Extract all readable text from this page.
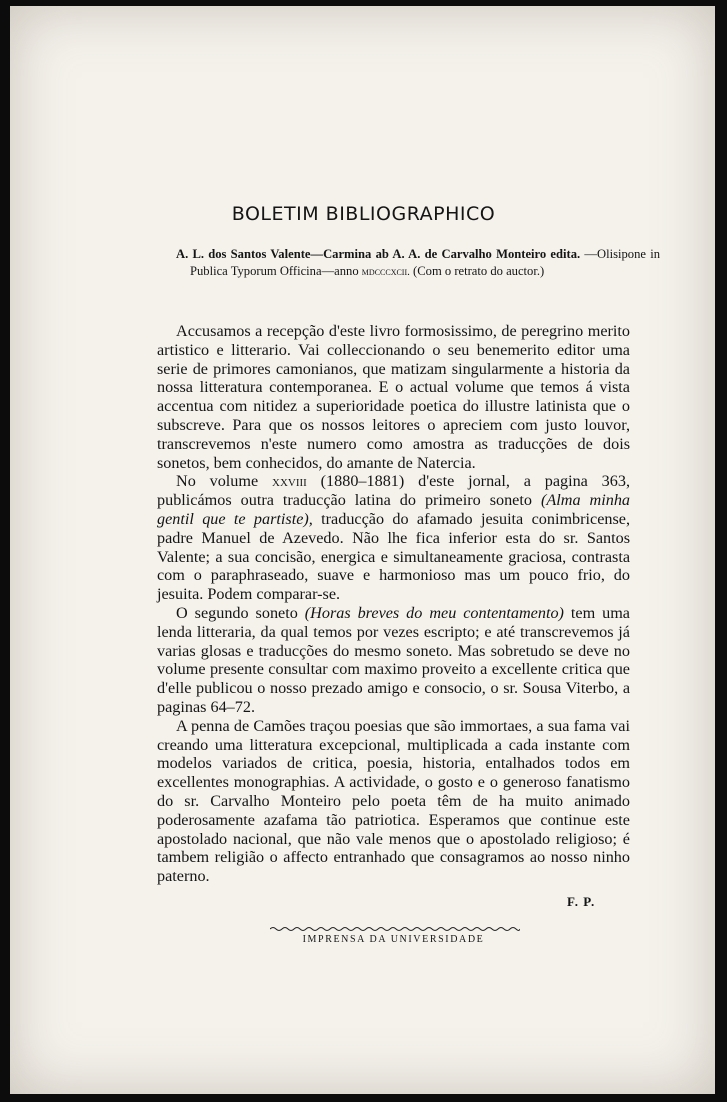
BOLETIM BIBLIOGRAPHICO
A. L. dos Santos Valente—Carmina ab A. A. de Carvalho Monteiro edita. —Olisipone in Publica Typorum Officina—anno mdcccxcii. (Com o retrato do auctor.)

Accusamos a recepção d'este livro formosissimo, de peregrino merito artistico e litterario. Vai colleccionando o seu benemerito editor uma serie de primores camonianos, que matizam singularmente a historia da nossa litteratura contemporanea. E o actual volume que temos á vista accentua com nitidez a superioridade poetica do illustre latinista que o subscreve. Para que os nossos leitores o apreciem com justo louvor, transcrevemos n'este numero como amostra as traducções de dois sonetos, bem conhecidos, do amante de Natercia.

No volume xxviii (1880–1881) d'este jornal, a pagina 363, publicámos outra traducção latina do primeiro soneto (Alma minha gentil que te partiste), traducção do afamado jesuita conimbricense, padre Manuel de Azevedo. Não lhe fica inferior esta do sr. Santos Valente; a sua concisão, energica e simultaneamente graciosa, contrasta com o paraphraseado, suave e harmonioso mas um pouco frio, do jesuita. Podem comparar-se.

O segundo soneto (Horas breves do meu contentamento) tem uma lenda litteraria, da qual temos por vezes escripto; e até transcrevemos já varias glosas e traducções do mesmo soneto. Mas sobretudo se deve no volume presente consultar com maximo proveito a excellente critica que d'elle publicou o nosso prezado amigo e consocio, o sr. Sousa Viterbo, a paginas 64–72.

A penna de Camões traçou poesias que são immortaes, a sua fama vai creando uma litteratura excepcional, multiplicada a cada instante com modelos variados de critica, poesia, historia, entalhados todos em excellentes monographias. A actividade, o gosto e o generoso fanatismo do sr. Carvalho Monteiro pelo poeta têm de ha muito animado poderosamente azafama tão patriotica. Esperamos que continue este apostolado nacional, que não vale menos que o apostolado religioso; é tambem religião o affecto entranhado que consagramos ao nosso ninho paterno.

F. P.
IMPRENSA DA UNIVERSIDADE
